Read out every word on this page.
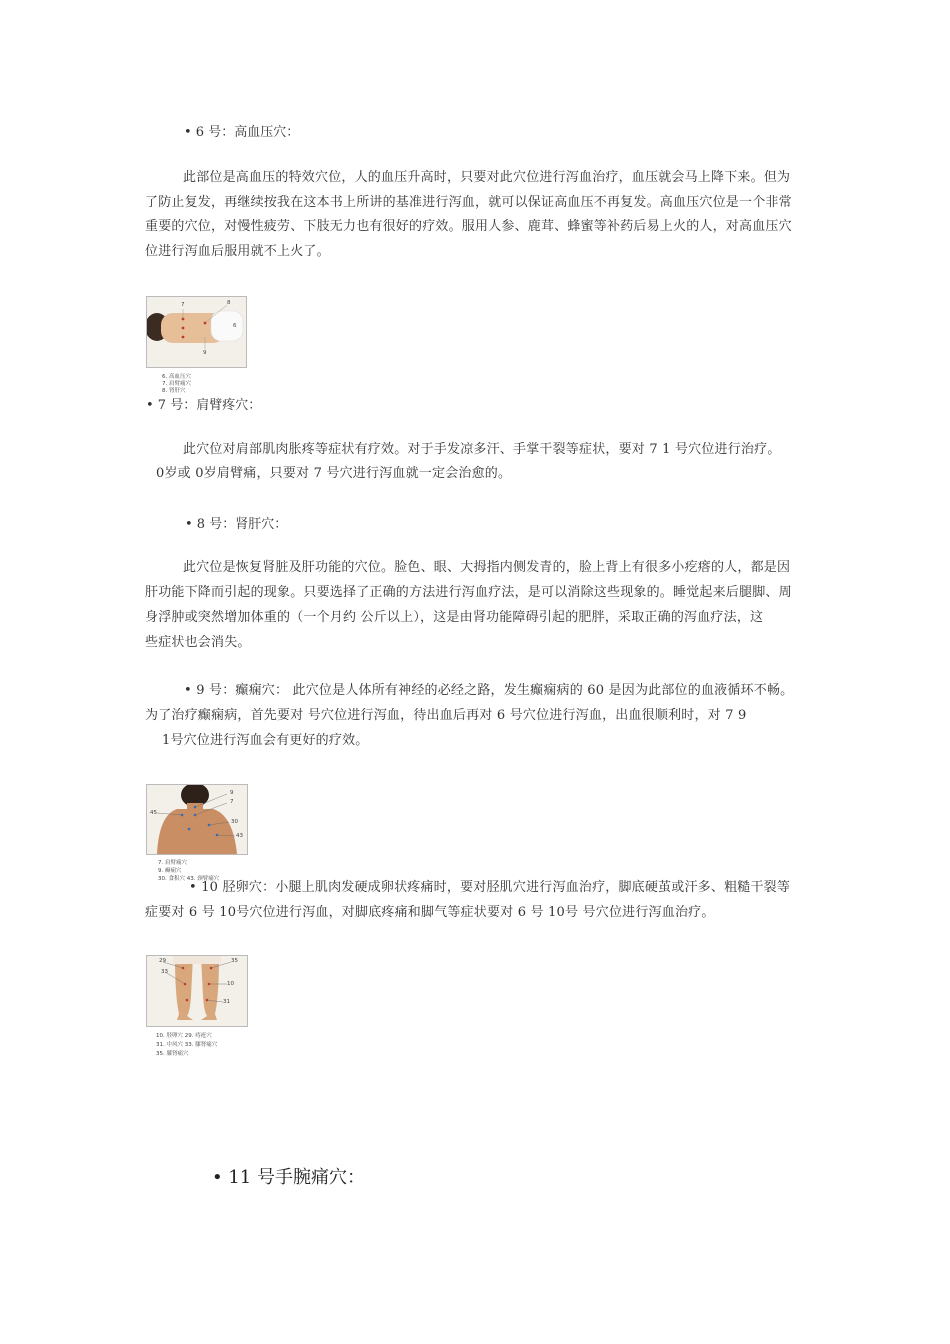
• 6 号：高血压穴：
此部位是高血压的特效穴位，人的血压升高时，只要对此穴位进行泻血治疗，血压就会马上降下来。但为
了防止复发，再继续按我在这本书上所讲的基准进行泻血，就可以保证高血压不再复发。高血压穴位是一个非常
重要的穴位，对慢性疲劳、下肢无力也有很好的疗效。服用人参、鹿茸、蜂蜜等补药后易上火的人，对高血压穴
位进行泻血后服用就不上火了。
7	8
6
9
6. 高血压穴
7. 肩臂痛穴
8. 肾肝穴
• 7 号：肩臂疼穴：
此穴位对肩部肌肉胀疼等症状有疗效。对于手发凉多汗、手掌干裂等症状，要对 7 1 号穴位进行治疗。
0岁或 0岁肩臂痛，只要对 7 号穴进行泻血就一定会治愈的。
• 8 号：肾肝穴：
此穴位是恢复肾脏及肝功能的穴位。脸色、眼、大拇指内侧发青的，脸上背上有很多小疙瘩的人，都是因
肝功能下降而引起的现象。只要选择了正确的方法进行泻血疗法，是可以消除这些现象的。睡觉起来后腿脚、周
身浮肿或突然增加体重的（一个月约 公斤以上），这是由肾功能障碍引起的肥胖，采取正确的泻血疗法，这
些症状也会消失。
• 9 号：癫痫穴： 此穴位是人体所有神经的必经之路，发生癫痫病的 60 是因为此部位的血液循环不畅。
为了治疗癫痫病，首先要对 号穴位进行泻血，待出血后再对 6 号穴位进行泻血，出血很顺利时，对 7 9
1号穴位进行泻血会有更好的疗效。
9
7
45
30
43
7. 肩臂痛穴
9. 癫痫穴
30. 食积穴 43. 颈臂痛穴
• 10 胫卵穴：小腿上肌肉发硬成卵状疼痛时，要对胫肌穴进行泻血治疗，脚底硬茧或汗多、粗糙干裂等
症要对 6 号 10号穴位进行泻血，对脚底疼痛和脚气等症状要对 6 号 10号 号穴位进行泻血治疗。
29
33
35
10
31
10. 胫卵穴 29. 痔疮穴
31. 中风穴 33. 膝肾痛穴
35. 膝肾痛穴
• 11 号手腕痛穴：
